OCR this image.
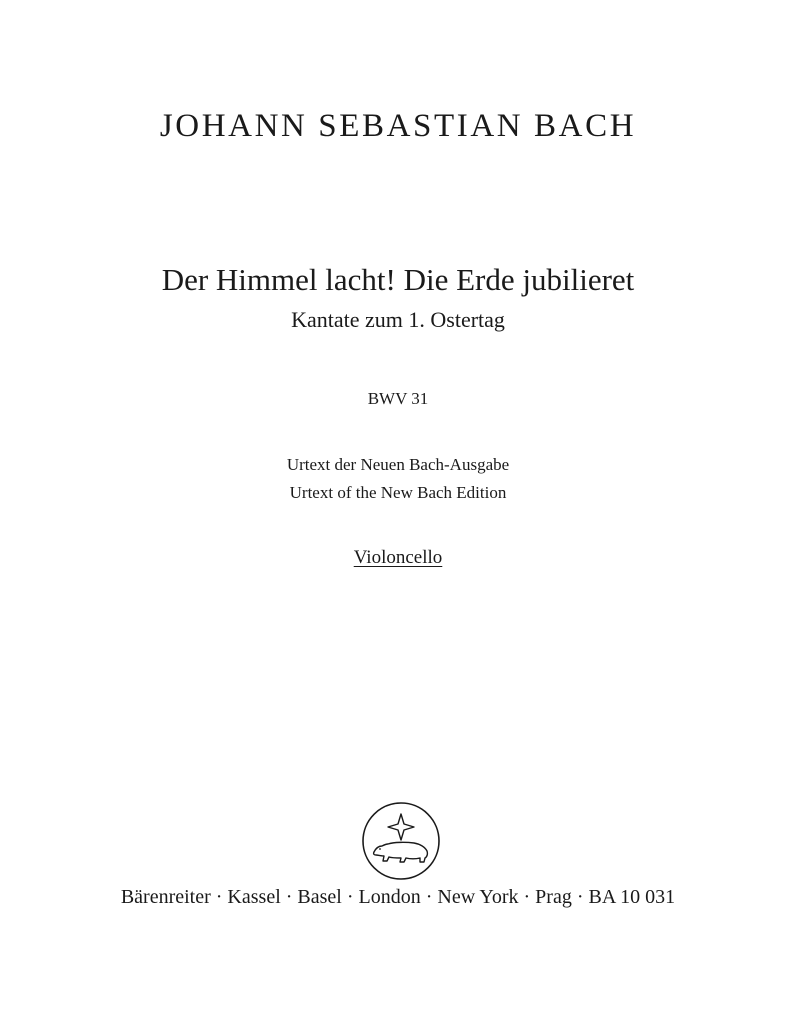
JOHANN SEBASTIAN BACH
Der Himmel lacht! Die Erde jubilieret
Kantate zum 1. Ostertag
BWV 31
Urtext der Neuen Bach-Ausgabe
Urtext of the New Bach Edition
Violoncello
Bärenreiter · Kassel · Basel · London · New York · Prag · BA 10 031
